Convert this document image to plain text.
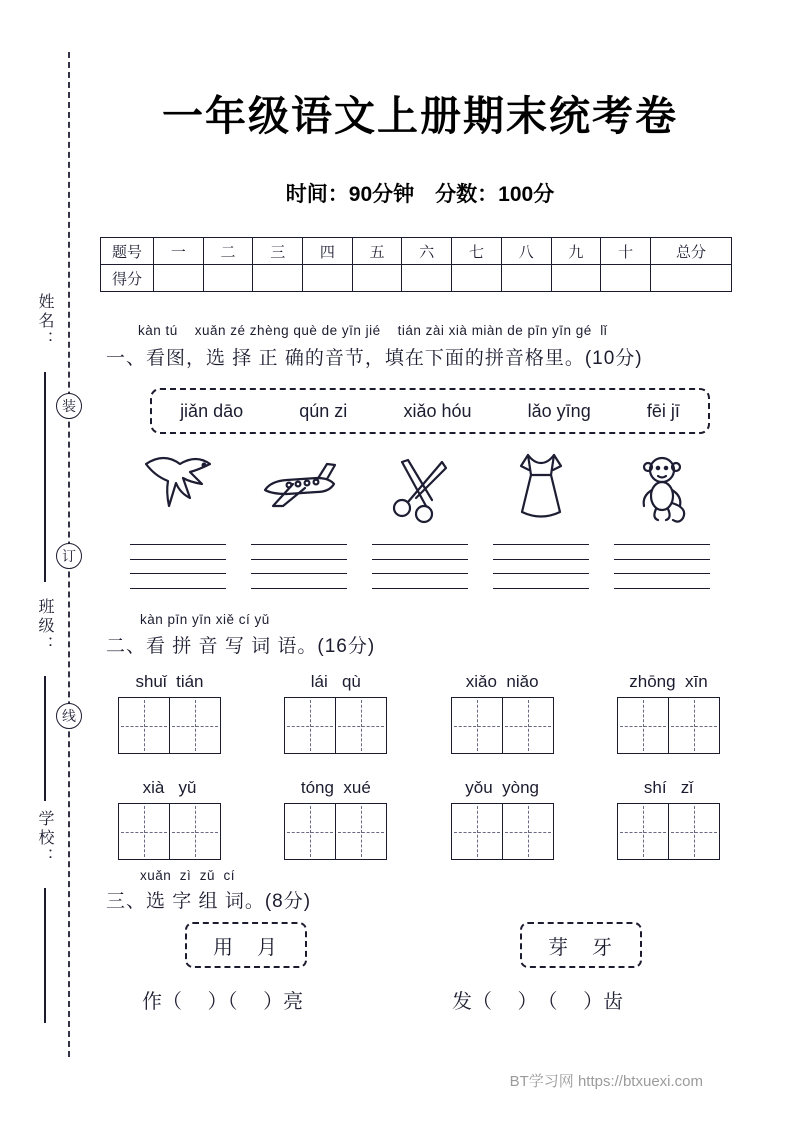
装
订
线
姓名：
班级：
学校：
一年级语文上册期末统考卷
时间：90分钟　分数：100分
题号	一	二	三	四	五	六	七	八	九	十	总分
得分											
kàn tú    xuǎn zé zhèng què de yīn jié    tián zài xià miàn de pīn yīn gé  lǐ
一、看图，选 择 正 确的音节，填在下面的拼音格里。(10分)
jiǎn dāo	qún zi	xiǎo hóu	lǎo yīng	fēi jī
kàn pīn yīn xiě cí yǔ
二、看 拼 音 写 词 语。(16分)
shuǐ  tián	lái   qù	xiǎo  niǎo	zhōng  xīn
xià   yǔ	tóng  xué	yǒu  yòng	shí   zǐ
xuǎn  zì  zǔ  cí
三、选 字 组 词。(8分)
用　月	芽　牙
作（　 ）（　 ）亮	发（　 ）　（　 ）齿
BT学习网 https://btxuexi.com
